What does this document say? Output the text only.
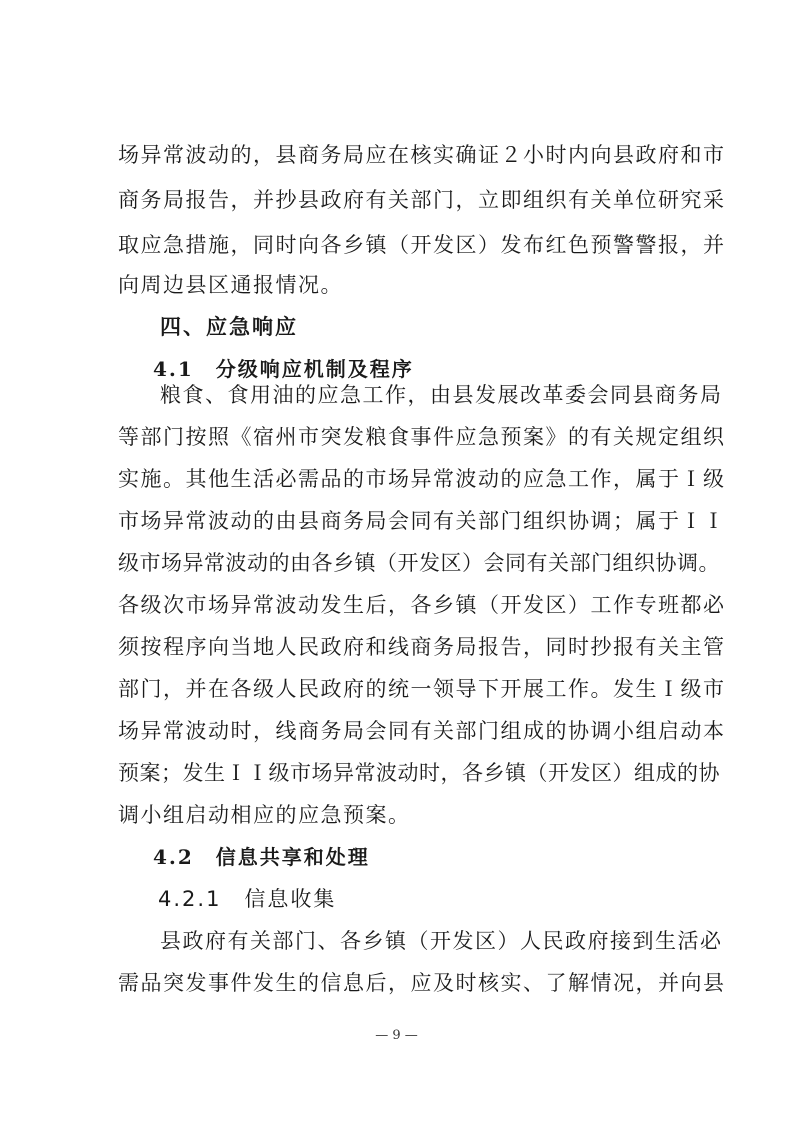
场异常波动的，县商务局应在核实确证２小时内向县政府和市
商务局报告，并抄县政府有关部门，立即组织有关单位研究采
取应急措施，同时向各乡镇（开发区）发布红色预警警报，并
向周边县区通报情况。
四、应急响应
4.1　分级响应机制及程序
粮食、食用油的应急工作，由县发展改革委会同县商务局
等部门按照《宿州市突发粮食事件应急预案》的有关规定组织
实施。其他生活必需品的市场异常波动的应急工作，属于Ｉ级
市场异常波动的由县商务局会同有关部门组织协调；属于ＩＩ
级市场异常波动的由各乡镇（开发区）会同有关部门组织协调。
各级次市场异常波动发生后，各乡镇（开发区）工作专班都必
须按程序向当地人民政府和线商务局报告，同时抄报有关主管
部门，并在各级人民政府的统一领导下开展工作。发生Ｉ级市
场异常波动时，线商务局会同有关部门组成的协调小组启动本
预案；发生ＩＩ级市场异常波动时，各乡镇（开发区）组成的协
调小组启动相应的应急预案。
4.2　信息共享和处理
4.2.1　信息收集
县政府有关部门、各乡镇（开发区）人民政府接到生活必
— 9 —
需品突发事件发生的信息后，应及时核实、了解情况，并向县
